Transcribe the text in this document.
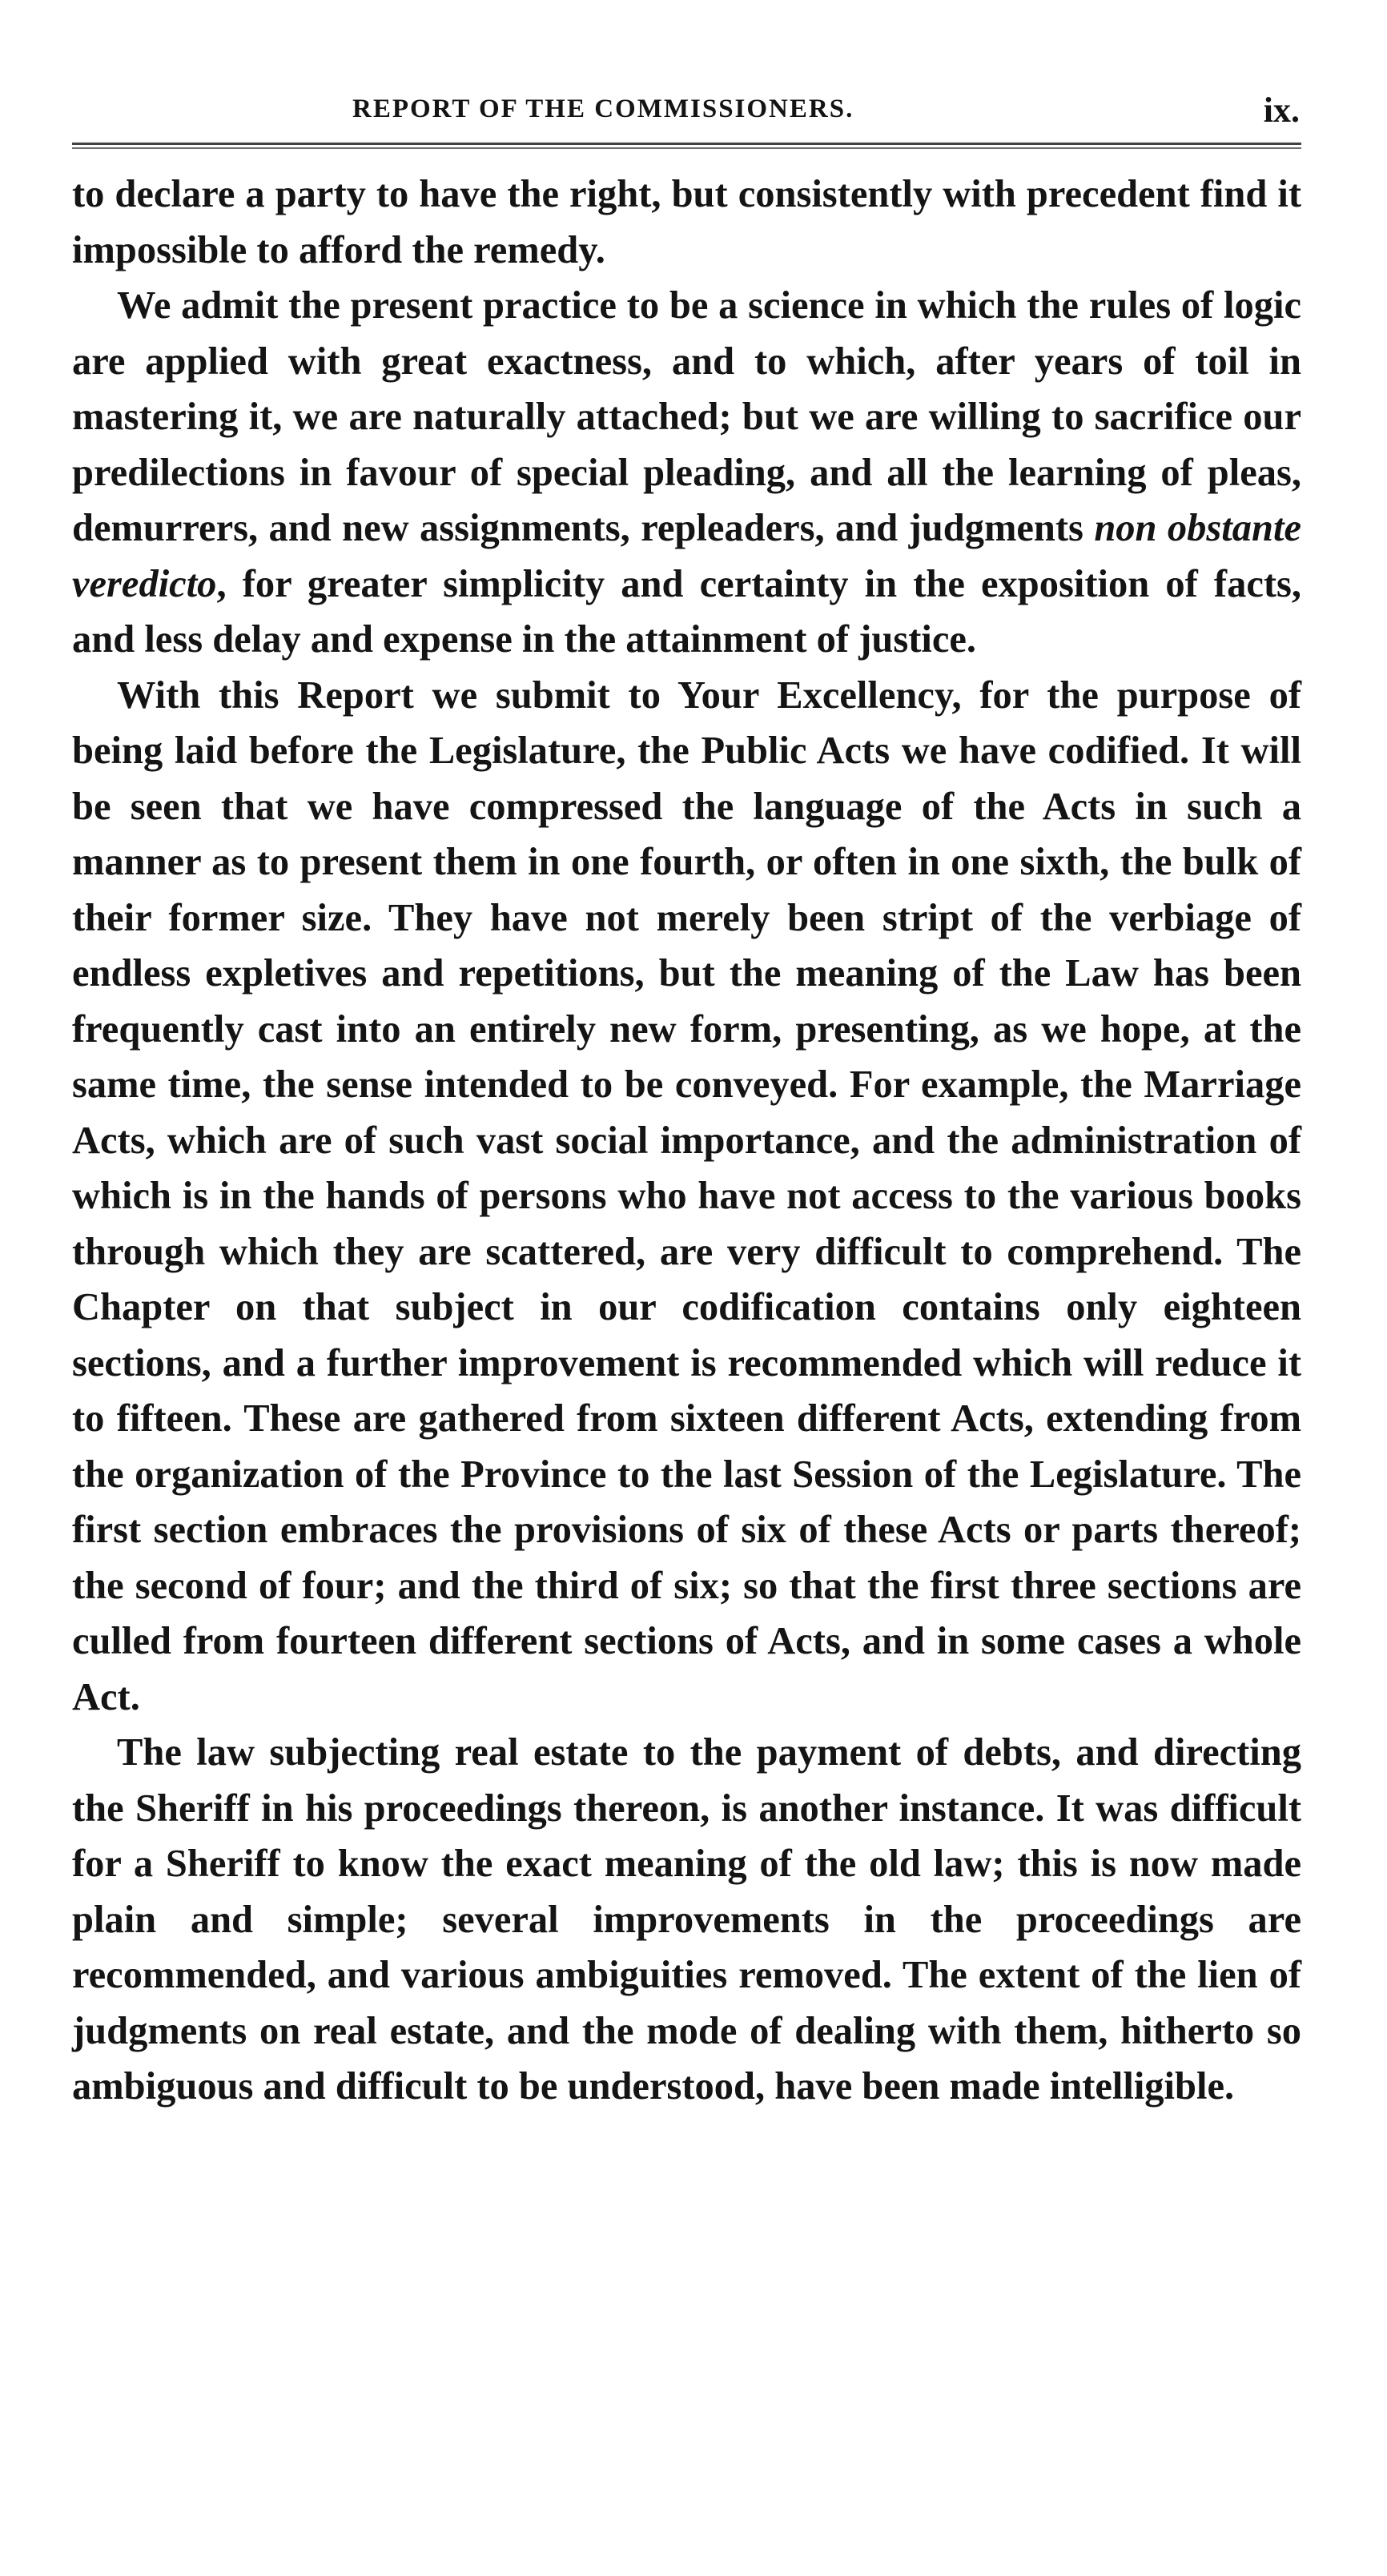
REPORT OF THE COMMISSIONERS.	ix.

to declare a party to have the right, but consistently with precedent find it impossible to afford the remedy.

We admit the present practice to be a science in which the rules of logic are applied with great exactness, and to which, after years of toil in mastering it, we are naturally attached; but we are willing to sacrifice our predilections in favour of special pleading, and all the learning of pleas, demurrers, and new assignments, repleaders, and judgments non obstante veredicto, for greater simplicity and certainty in the exposition of facts, and less delay and expense in the attainment of justice.

With this Report we submit to Your Excellency, for the purpose of being laid before the Legislature, the Public Acts we have codified. It will be seen that we have compressed the language of the Acts in such a manner as to present them in one fourth, or often in one sixth, the bulk of their former size. They have not merely been stript of the verbiage of endless expletives and repetitions, but the meaning of the Law has been frequently cast into an entirely new form, presenting, as we hope, at the same time, the sense intended to be conveyed. For example, the Marriage Acts, which are of such vast social importance, and the administration of which is in the hands of persons who have not access to the various books through which they are scattered, are very difficult to comprehend. The Chapter on that subject in our codification contains only eighteen sections, and a further improvement is recommended which will reduce it to fifteen. These are gathered from sixteen different Acts, extending from the organization of the Province to the last Session of the Legislature. The first section embraces the provisions of six of these Acts or parts thereof; the second of four; and the third of six; so that the first three sections are culled from fourteen different sections of Acts, and in some cases a whole Act.

The law subjecting real estate to the payment of debts, and directing the Sheriff in his proceedings thereon, is another instance. It was difficult for a Sheriff to know the exact meaning of the old law; this is now made plain and simple; several improvements in the proceedings are recommended, and various ambiguities removed. The extent of the lien of judgments on real estate, and the mode of dealing with them, hitherto so ambiguous and difficult to be understood, have been made intelligible.
